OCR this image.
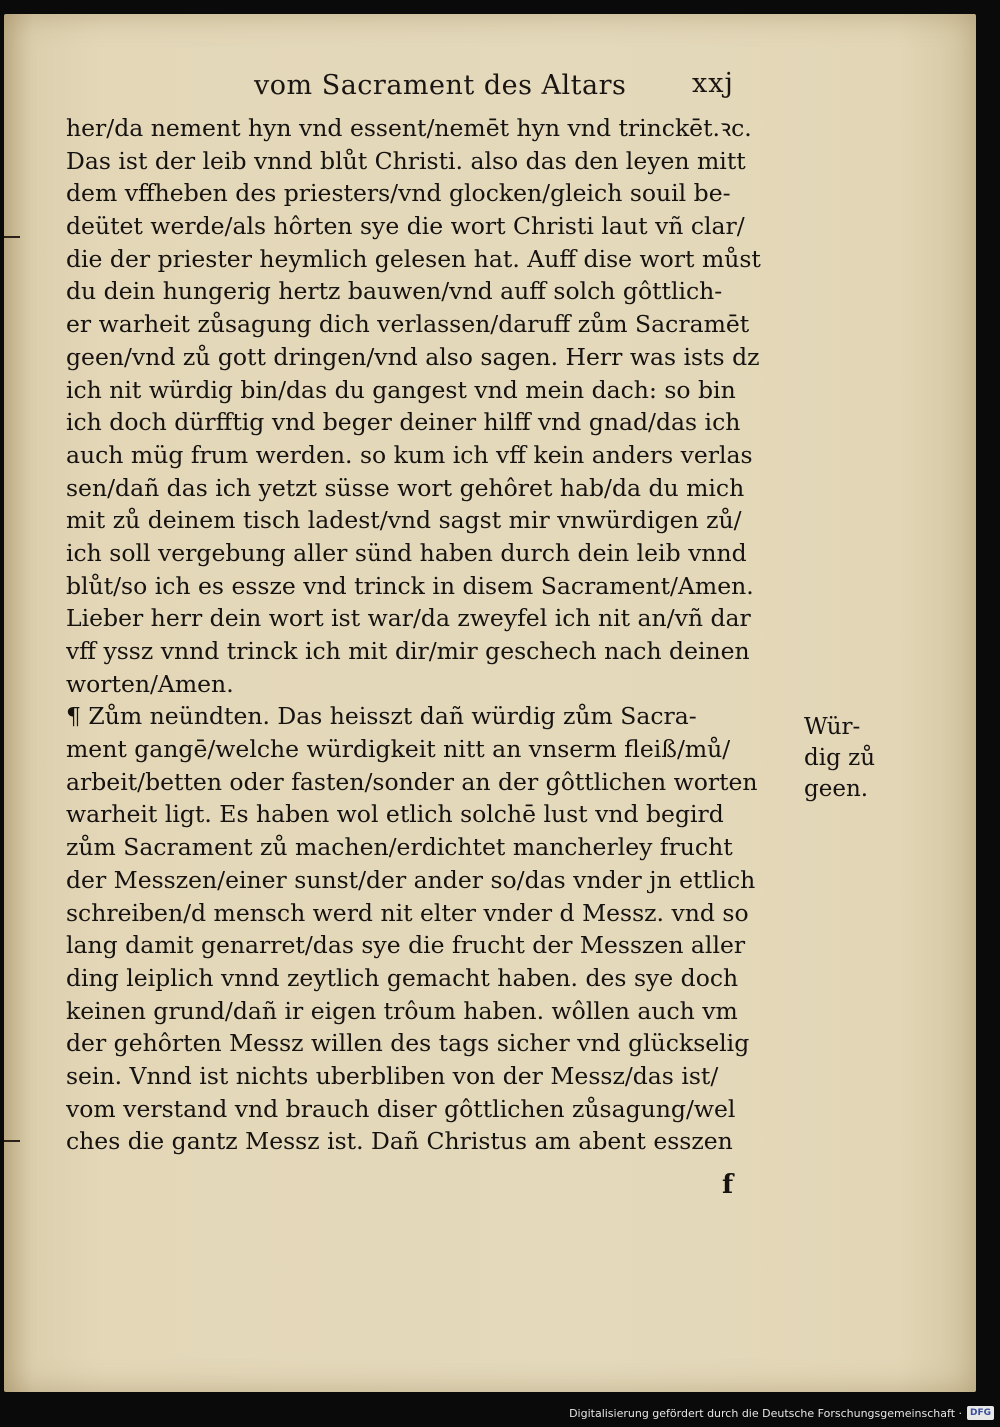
vom Sacrament des Altars xxj
her/da nement hyn vnd essent/nemēt hyn vnd trinckēt.ꝛc.
Das ist der leib vnnd blůt Christi. also das den leyen mitt
dem vffheben des priesters/vnd glocken/gleich souil be-
deütet werde/als hôrten sye die wort Christi laut vñ clar/
die der priester heymlich gelesen hat. Auff dise wort můst
du dein hungerig hertz bauwen/vnd auff solch gôttlich-
er warheit zůsagung dich verlassen/daruff zům Sacramēt
geen/vnd zů gott dringen/vnd also sagen. Herr was ists dz
ich nit würdig bin/das du gangest vnd mein dach: so bin
ich doch dürfftig vnd beger deiner hilff vnd gnad/das ich
auch müg frum werden. so kum ich vff kein anders verlas
sen/dañ das ich yetzt süsse wort gehôret hab/da du mich
mit zů deinem tisch ladest/vnd sagst mir vnwürdigen zů/
ich soll vergebung aller sünd haben durch dein leib vnnd
blůt/so ich es essze vnd trinck in disem Sacrament/Amen.
Lieber herr dein wort ist war/da zweyfel ich nit an/vñ dar
vff yssz vnnd trinck ich mit dir/mir geschech nach deinen
worten/Amen.
¶ Zům neündten. Das heisszt dañ würdig zům Sacra-
ment gangē/welche würdigkeit nitt an vnserm fleiß/mů/
arbeit/betten oder fasten/sonder an der gôttlichen worten
warheit ligt. Es haben wol etlich solchē lust vnd begird
zům Sacrament zů machen/erdichtet mancherley frucht
der Messzen/einer sunst/der ander so/das vnder jn ettlich
schreiben/d mensch werd nit elter vnder d Messz. vnd so
lang damit genarret/das sye die frucht der Messzen aller
ding leiplich vnnd zeytlich gemacht haben. des sye doch
keinen grund/dañ ir eigen trôum haben. wôllen auch vm
der gehôrten Messz willen des tags sicher vnd glückselig
sein. Vnnd ist nichts uberbliben von der Messz/das ist/
vom verstand vnd brauch diser gôttlichen zůsagung/wel
ches die gantz Messz ist. Dañ Christus am abent esszen
Wür-
dig zů
geen.
f
Digitalisierung gefördert durch die Deutsche Forschungsgemeinschaft · DFG
